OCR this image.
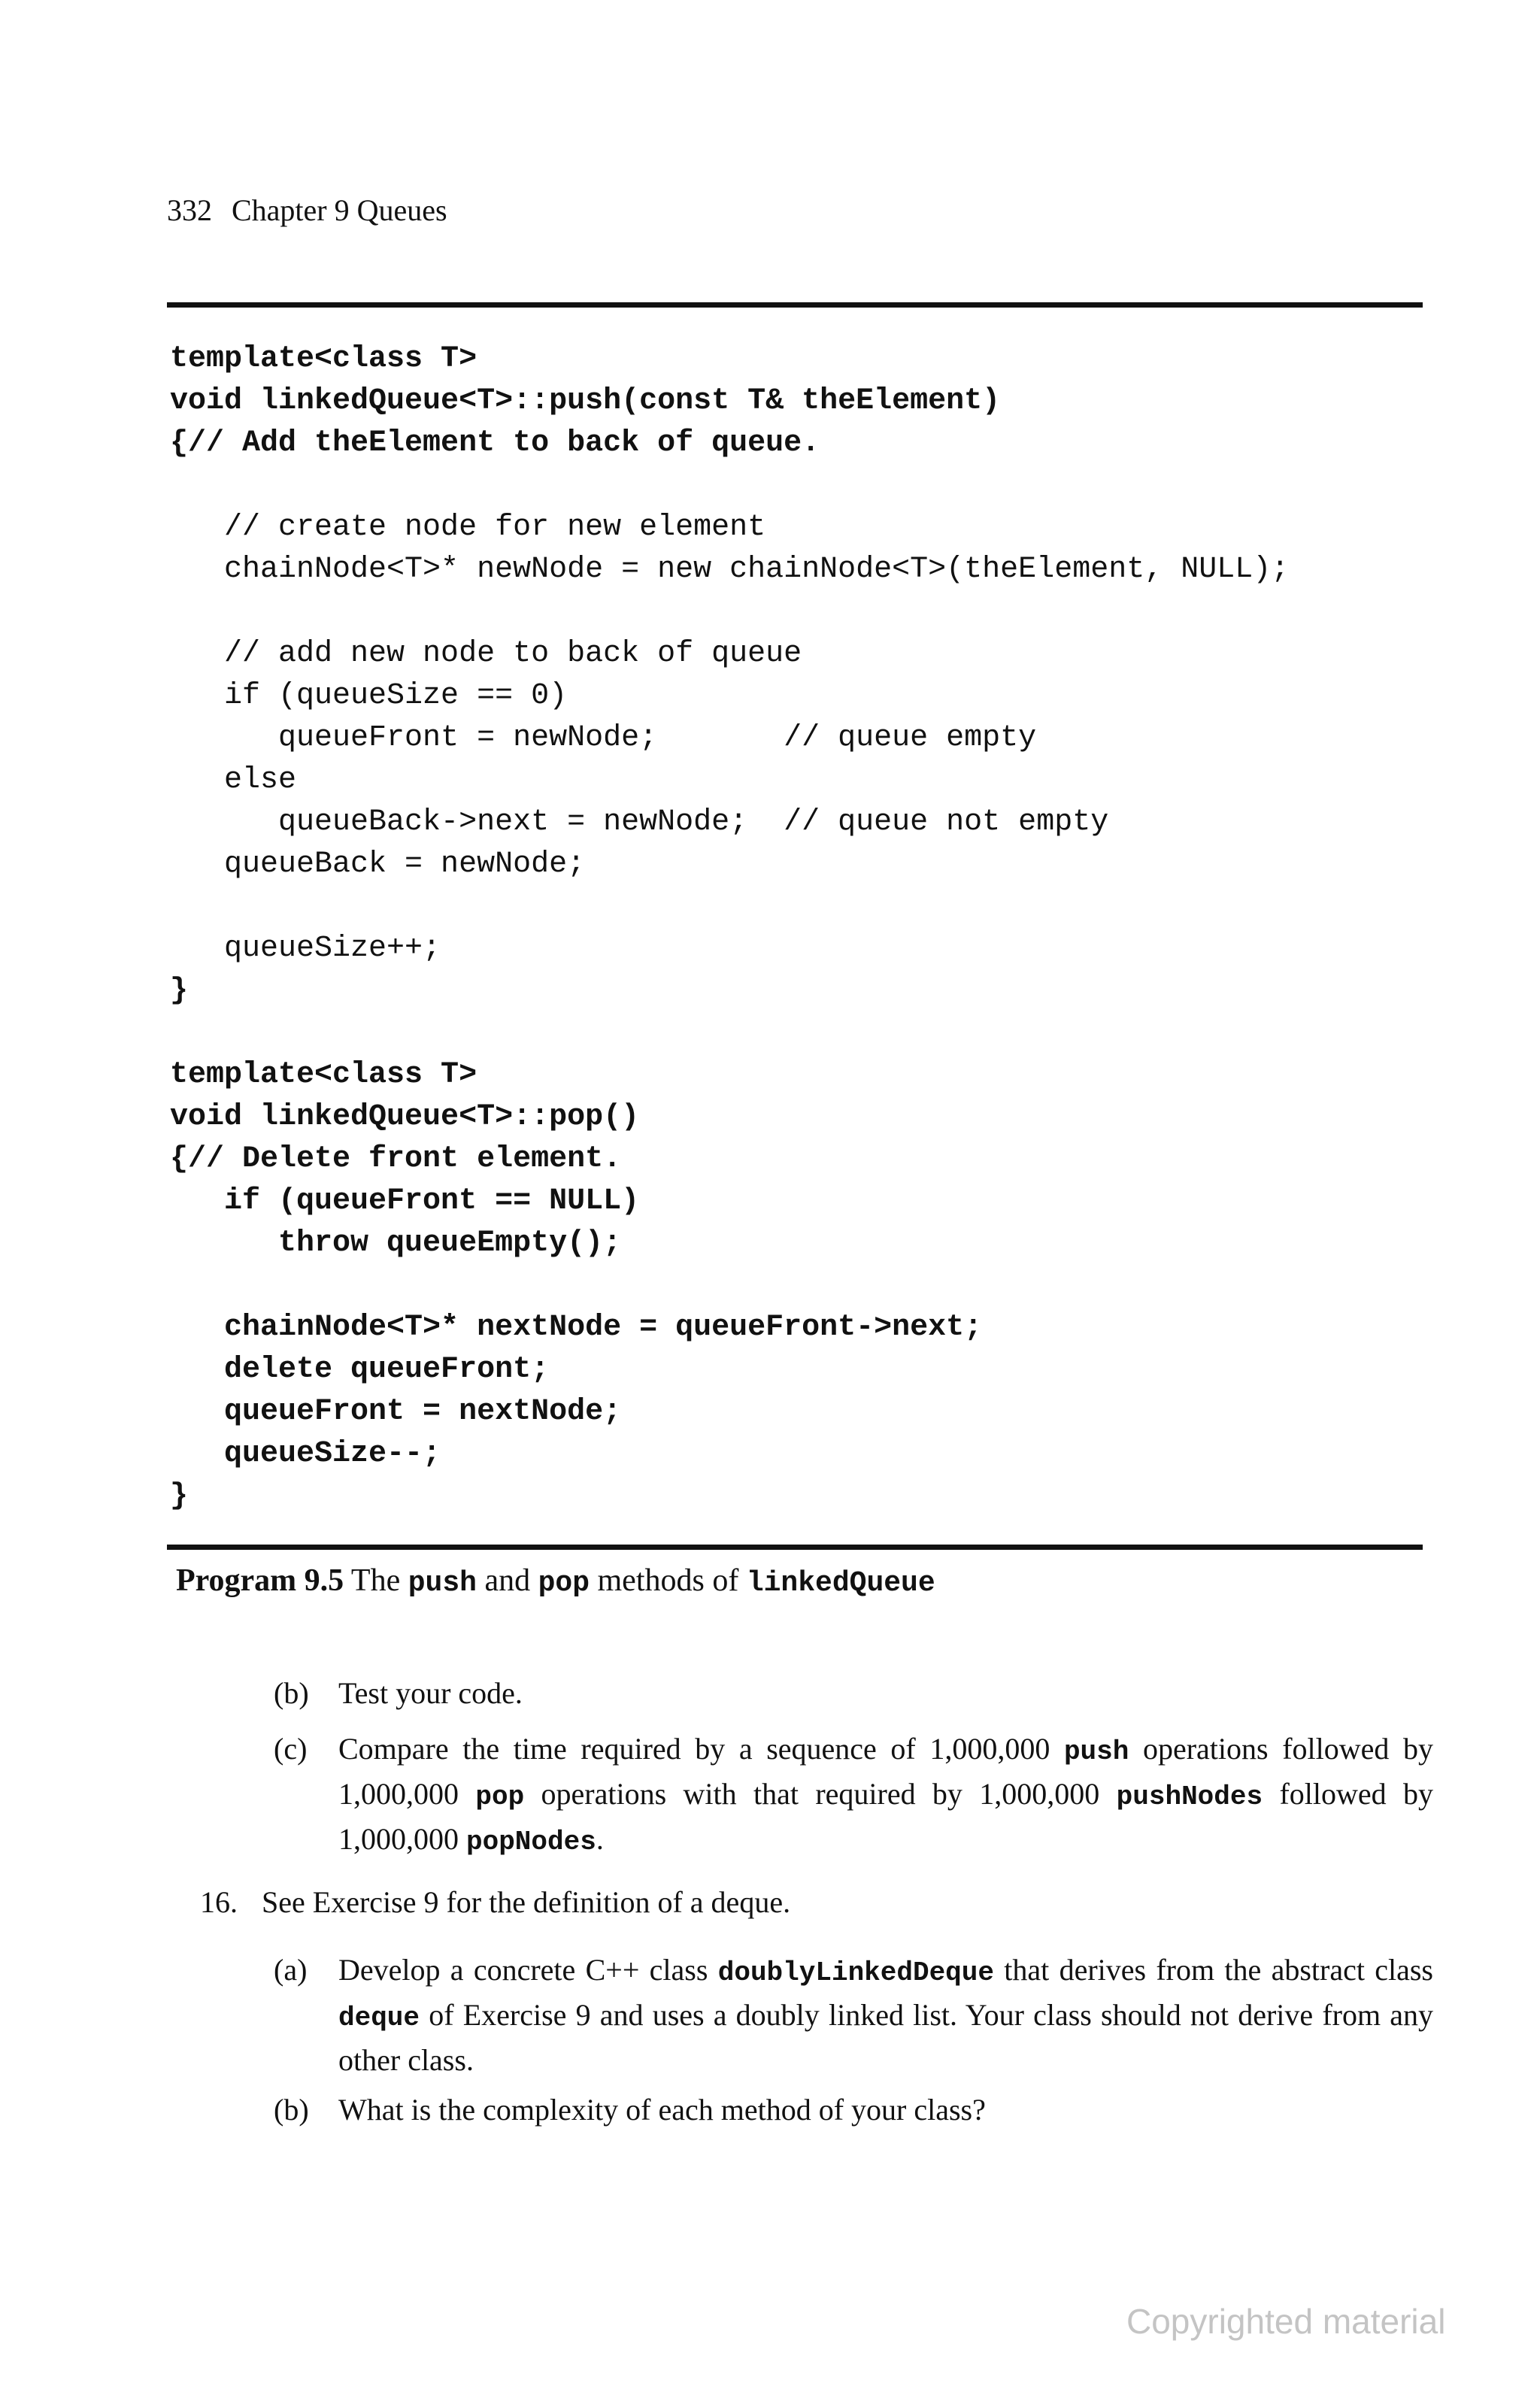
332 Chapter 9 Queues
template<class T>
void linkedQueue<T>::push(const T& theElement)
{// Add theElement to back of queue.

// create node for new element
chainNode<T>* newNode = new chainNode<T>(theElement, NULL);

// add new node to back of queue
if (queueSize == 0)
queueFront = newNode;       // queue empty
else
queueBack->next = newNode;  // queue not empty
queueBack = newNode;

queueSize++;
}
template<class T>
void linkedQueue<T>::pop()
{// Delete front element.
if (queueFront == NULL)
throw queueEmpty();

chainNode<T>* nextNode = queueFront->next;
delete queueFront;
queueFront = nextNode;
queueSize--;
}
Program 9.5 The push and pop methods of linkedQueue
(b) Test your code.
(c) Compare the time required by a sequence of 1,000,000 push operations followed by 1,000,000 pop operations with that required by 1,000,000 pushNodes followed by 1,000,000 popNodes.
16. See Exercise 9 for the definition of a deque.
(a) Develop a concrete C++ class doublyLinkedDeque that derives from the abstract class deque of Exercise 9 and uses a doubly linked list. Your class should not derive from any other class.
(b) What is the complexity of each method of your class?
Copyrighted material
